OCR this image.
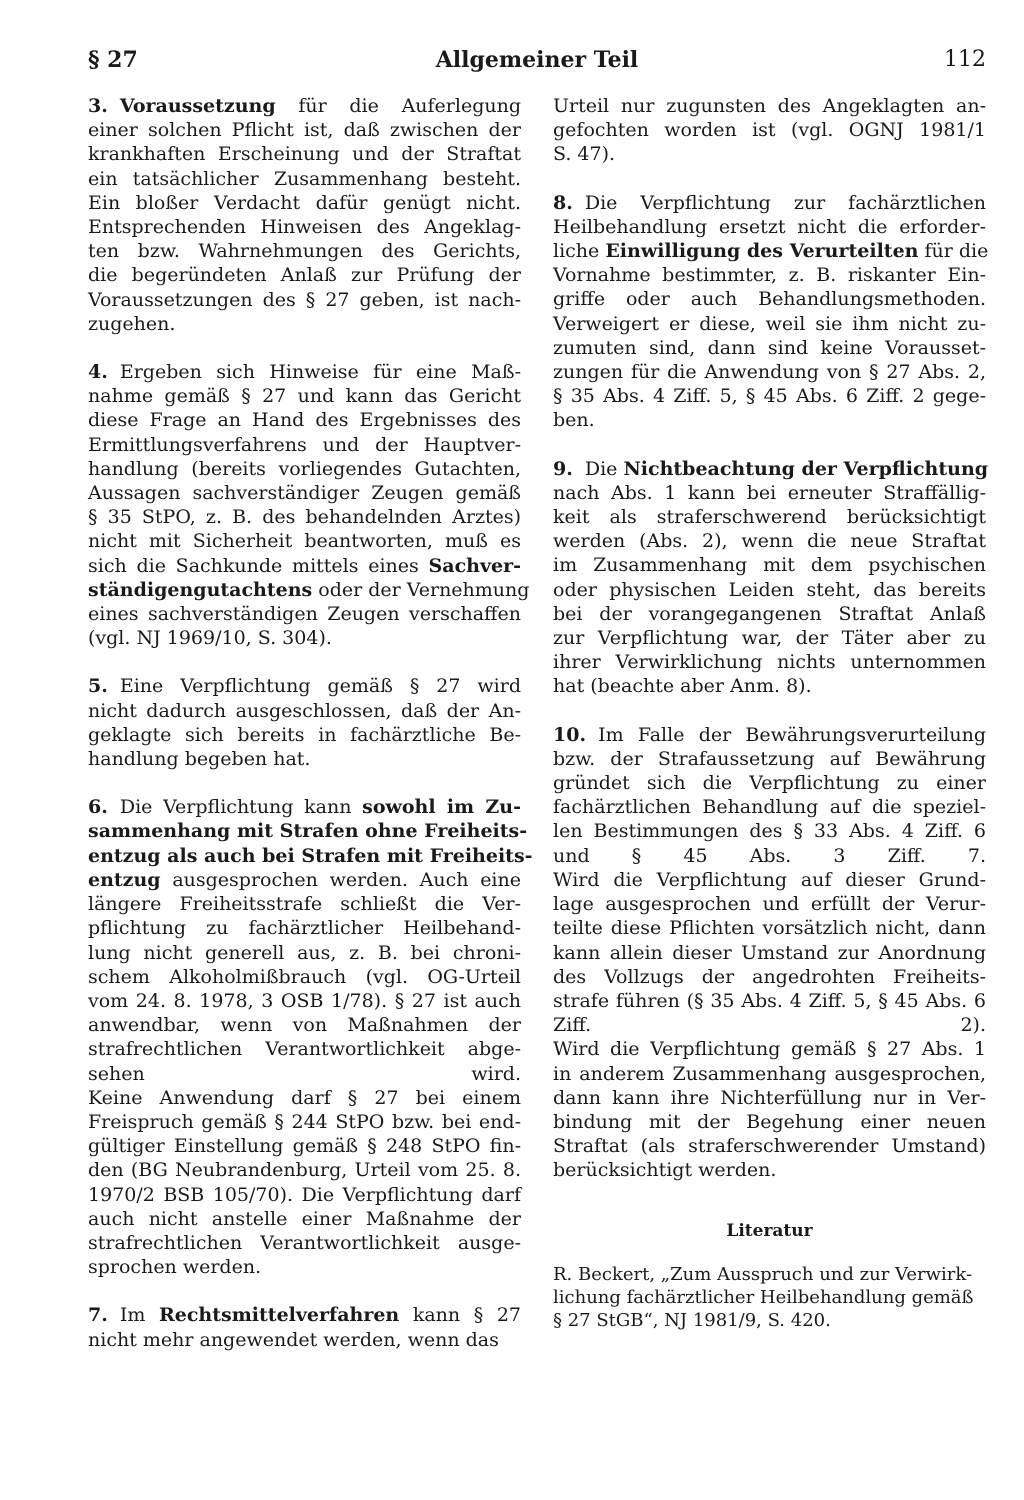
§ 27	Allgemeiner Teil	112
3. Voraussetzung für die Auferlegung
einer solchen Pflicht ist, daß zwischen der
krankhaften Erscheinung und der Straftat
ein tatsächlicher Zusammenhang besteht.
Ein bloßer Verdacht dafür genügt nicht.
Entsprechenden Hinweisen des Angeklag-
ten bzw. Wahrnehmungen des Gerichts,
die begeründeten Anlaß zur Prüfung der
Voraussetzungen des § 27 geben, ist nach-
zugehen.
4. Ergeben sich Hinweise für eine Maß-
nahme gemäß § 27 und kann das Gericht
diese Frage an Hand des Ergebnisses des
Ermittlungsverfahrens und der Hauptver-
handlung (bereits vorliegendes Gutachten,
Aussagen sachverständiger Zeugen gemäß
§ 35 StPO, z. B. des behandelnden Arztes)
nicht mit Sicherheit beantworten, muß es
sich die Sachkunde mittels eines Sachver-
ständigengutachtens oder der Vernehmung
eines sachverständigen Zeugen verschaffen
(vgl. NJ 1969/10, S. 304).
5. Eine Verpflichtung gemäß § 27 wird
nicht dadurch ausgeschlossen, daß der An-
geklagte sich bereits in fachärztliche Be-
handlung begeben hat.
6. Die Verpflichtung kann sowohl im Zu-
sammenhang mit Strafen ohne Freiheits-
entzug als auch bei Strafen mit Freiheits-
entzug ausgesprochen werden. Auch eine
längere Freiheitsstrafe schließt die Ver-
pflichtung zu fachärztlicher Heilbehand-
lung nicht generell aus, z. B. bei chroni-
schem Alkoholmißbrauch (vgl. OG-Urteil
vom 24. 8. 1978, 3 OSB 1/78). § 27 ist auch
anwendbar, wenn von Maßnahmen der
strafrechtlichen Verantwortlichkeit abge-
sehen wird.
Keine Anwendung darf § 27 bei einem
Freispruch gemäß § 244 StPO bzw. bei end-
gültiger Einstellung gemäß § 248 StPO fin-
den (BG Neubrandenburg, Urteil vom 25. 8.
1970/2 BSB 105/70). Die Verpflichtung darf
auch nicht anstelle einer Maßnahme der
strafrechtlichen Verantwortlichkeit ausge-
sprochen werden.
7. Im Rechtsmittelverfahren kann § 27
nicht mehr angewendet werden, wenn das
Urteil nur zugunsten des Angeklagten an-
gefochten worden ist (vgl. OGNJ 1981/1
S. 47).
8. Die Verpflichtung zur fachärztlichen
Heilbehandlung ersetzt nicht die erforder-
liche Einwilligung des Verurteilten für die
Vornahme bestimmter, z. B. riskanter Ein-
griffe oder auch Behandlungsmethoden.
Verweigert er diese, weil sie ihm nicht zu-
zumuten sind, dann sind keine Vorausset-
zungen für die Anwendung von § 27 Abs. 2,
§ 35 Abs. 4 Ziff. 5, § 45 Abs. 6 Ziff. 2 gege-
ben.
9. Die Nichtbeachtung der Verpflichtung
nach Abs. 1 kann bei erneuter Straffällig-
keit als straferschwerend berücksichtigt
werden (Abs. 2), wenn die neue Straftat
im Zusammenhang mit dem psychischen
oder physischen Leiden steht, das bereits
bei der vorangegangenen Straftat Anlaß
zur Verpflichtung war, der Täter aber zu
ihrer Verwirklichung nichts unternommen
hat (beachte aber Anm. 8).
10. Im Falle der Bewährungsverurteilung
bzw. der Strafaussetzung auf Bewährung
gründet sich die Verpflichtung zu einer
fachärztlichen Behandlung auf die speziel-
len Bestimmungen des § 33 Abs. 4 Ziff. 6
und § 45 Abs. 3 Ziff. 7.
Wird die Verpflichtung auf dieser Grund-
lage ausgesprochen und erfüllt der Verur-
teilte diese Pflichten vorsätzlich nicht, dann
kann allein dieser Umstand zur Anordnung
des Vollzugs der angedrohten Freiheits-
strafe führen (§ 35 Abs. 4 Ziff. 5, § 45 Abs. 6
Ziff. 2).
Wird die Verpflichtung gemäß § 27 Abs. 1
in anderem Zusammenhang ausgesprochen,
dann kann ihre Nichterfüllung nur in Ver-
bindung mit der Begehung einer neuen
Straftat (als straferschwerender Umstand)
berücksichtigt werden.
Literatur
R. Beckert, „Zum Ausspruch und zur Verwirk-
lichung fachärztlicher Heilbehandlung gemäß
§ 27 StGB“, NJ 1981/9, S. 420.
